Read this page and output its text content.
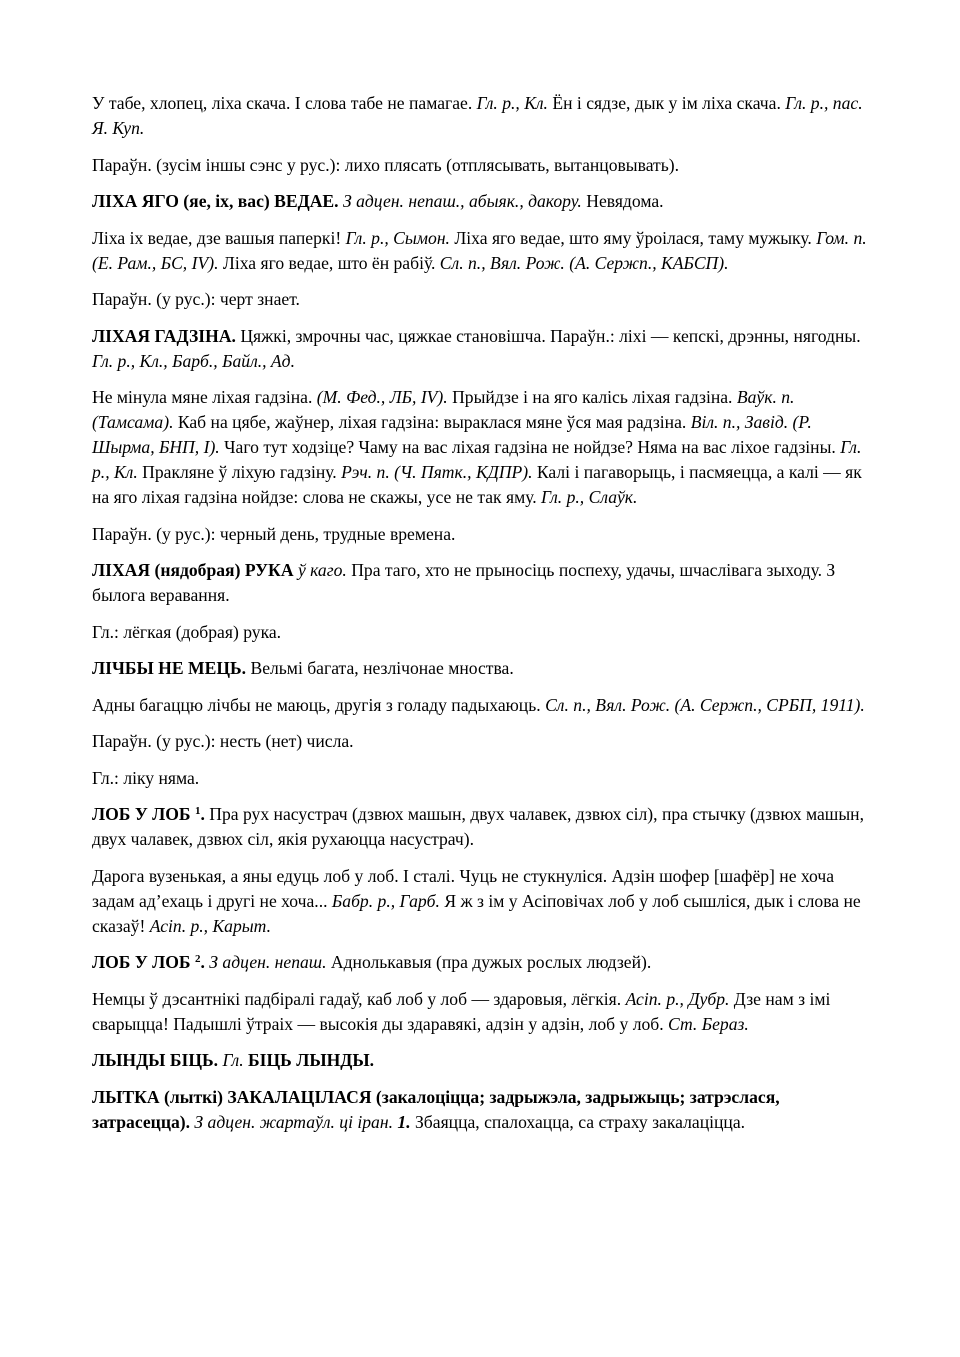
У табе, хлопец, ліха скача. І слова табе не памагае. Гл. р., Кл. Ён і сядзе, дык у ім ліха скача. Гл. р., пас. Я. Куп.

Параўн. (зусім іншы сэнс у рус.): лихо плясать (отплясывать, вытанцовывать).

ЛІХА ЯГО (яе, іх, вас) ВЕДАЕ. З адцен. непаш., абыяк., дакору. Невядома.

Ліха іх ведае, дзе вашыя паперкі! Гл. р., Сымон. Ліха яго ведае, што яму ўроілася, таму мужыку. Гом. п. (Е. Рам., БС, IV). Ліха яго ведае, што ён рабіў. Сл. п., Вял. Рож. (А. Сержп., КАБСП).

Параўн. (у рус.): черт знает.

ЛІХАЯ ГАДЗІНА. Цяжкі, змрочны час, цяжкае становішча. Параўн.: ліхі — кепскі, дрэнны, нягодны. Гл. р., Кл., Барб., Байл., Ад.

Не мінула мяне ліхая гадзіна. (М. Фед., ЛБ, IV). Прыйдзе і на яго калісь ліхая гадзіна. Ваўк. п. (Тамсама). Каб на цябе, жаўнер, ліхая гадзіна: выраклася мяне ўся мая радзіна. Віл. п., Завід. (Р. Шырма, БНП, І). Чаго тут ходзіце? Чаму на вас ліхая гадзіна не нойдзе? Няма на вас ліхое гадзіны. Гл. р., Кл. Пракляне ў ліхую гадзіну. Рэч. п. (Ч. Пятк., КДПР). Калі і пагаворыць, і пасмяецца, а калі — як на яго ліхая гадзіна нойдзе: слова не скажы, усе не так яму. Гл. р., Слаўк.

Параўн. (у рус.): черный день, трудные времена.

ЛІХАЯ (нядобрая) РУКА ў каго. Пра таго, хто не прыносіць поспеху, удачы, шчаслівага зыходу. З былога веравання.

Гл.: лёгкая (добрая) рука.

ЛІЧБЫ НЕ МЕЦЬ. Вельмі багата, незлічонае мноства.

Адны багаццю лічбы не маюць, другія з голаду падыхаюць. Сл. п., Вял. Рож. (А. Сержп., СРБП, 1911).

Параўн. (у рус.): несть (нет) числа.

Гл.: ліку няма.

ЛОБ У ЛОБ $^1$. Пра рух насустрач (дзвюх машын, двух чалавек, дзвюх сіл), пра стычку (дзвюх машын, двух чалавек, дзвюх сіл, якія рухаюцца насустрач).

Дарога вузенькая, а яны едуць лоб у лоб. І сталі. Чуць не стукнуліся. Адзін шофер [шафёр] не хоча задам ад’ехаць і другі не хоча... Бабр. р., Гарб. Я ж з ім у Асіповічах лоб у лоб сышліся, дык і слова не сказаў! Асіп. р., Карыт.

ЛОБ У ЛОБ $^2$. З адцен. непаш. Аднолькавыя (пра дужых рослых людзей).

Немцы ў дэсантнікі падбіралі гадаў, каб лоб у лоб — здаровыя, лёгкія. Асіп. р., Дубр. Дзе нам з імі сварыцца! Падышлі ўтраіх — высокія ды здаравякі, адзін у адзін, лоб у лоб. Ст. Бераз.

ЛЫНДЫ БІЦЬ. Гл. БІЦЬ ЛЫНДЫ.

ЛЫТКА (лыткі) ЗАКАЛАЦІЛАСЯ (закалоціцца; задрыжэла, задрыжыць; затрэслася, затрасецца). З адцен. жартаўл. ці іран. 1. Збаяцца, спалохацца, са страху закалаціцца.
